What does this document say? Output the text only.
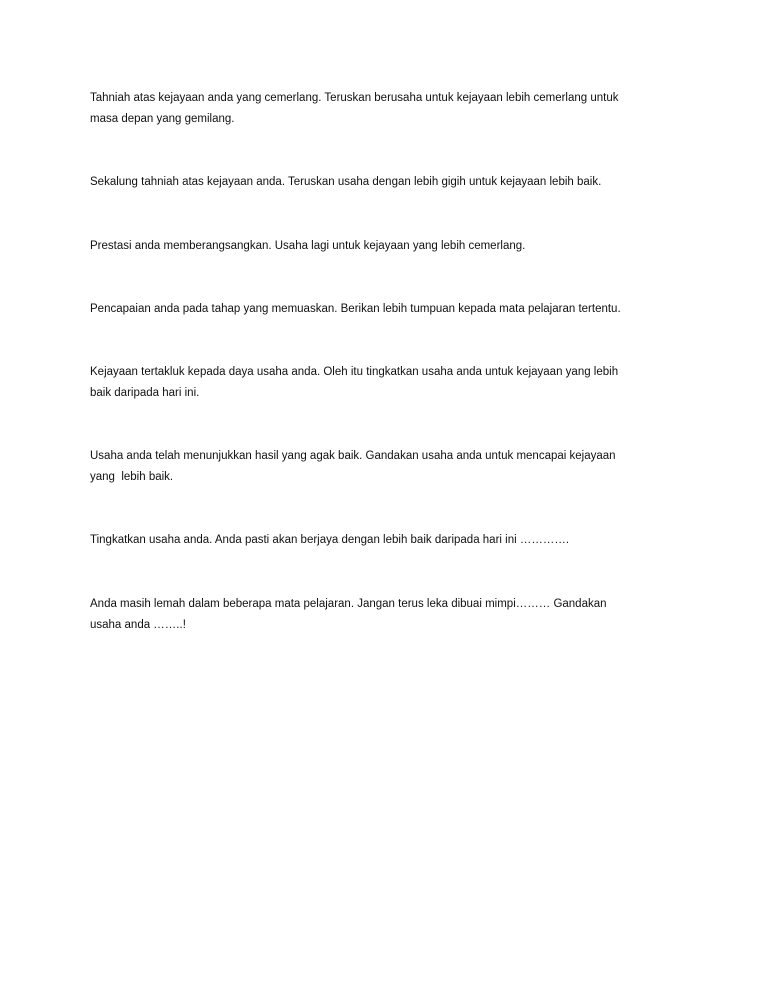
Tahniah atas kejayaan anda yang cemerlang. Teruskan berusaha untuk kejayaan lebih cemerlang untuk
masa depan yang gemilang.

Sekalung tahniah atas kejayaan anda. Teruskan usaha dengan lebih gigih untuk kejayaan lebih baik.

Prestasi anda memberangsangkan. Usaha lagi untuk kejayaan yang lebih cemerlang.

Pencapaian anda pada tahap yang memuaskan. Berikan lebih tumpuan kepada mata pelajaran tertentu.

Kejayaan tertakluk kepada daya usaha anda. Oleh itu tingkatkan usaha anda untuk kejayaan yang lebih
baik daripada hari ini.

Usaha anda telah menunjukkan hasil yang agak baik. Gandakan usaha anda untuk mencapai kejayaan
yang  lebih baik.

Tingkatkan usaha anda. Anda pasti akan berjaya dengan lebih baik daripada hari ini ………….

Anda masih lemah dalam beberapa mata pelajaran. Jangan terus leka dibuai mimpi……… Gandakan
usaha anda ……..!
